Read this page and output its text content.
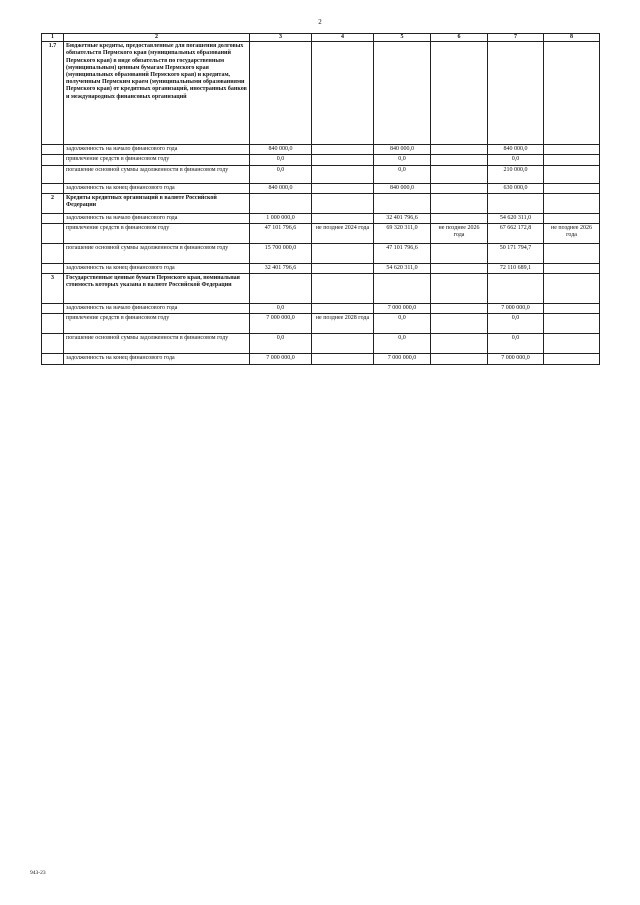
2
1	2	3	4	5	6	7	8
1.7	Бюджетные кредиты, предоставленные для погашения долговых обязательств Пермского края (муниципальных образований Пермского края) в виде обязательств по государственным (муниципальным) ценным бумагам Пермского края (муниципальных образований Пермского края) и кредитам, полученным Пермским краем (муниципальными образованиями Пермского края) от кредитных организаций, иностранных банков и международных финансовых организаций						
	задолженность на начало финансового года	840 000,0		840 000,0		840 000,0	
	привлечение средств в финансовом году	0,0		0,0		0,0	
	погашение основной суммы задолженности в финансовом году	0,0		0,0		210 000,0	
	задолженность на конец финансового года	840 000,0		840 000,0		630 000,0	
2	Кредиты кредитных организаций в валюте Российской Федерации						
	задолженность на начало финансового года	1 000 000,0		32 401 796,6		54 620 311,0	
	привлечение средств в финансовом году	47 101 796,6	не позднее 2024 года	69 320 311,0	не позднее 2026 года	67 662 172,8	не позднее 2026 года
	погашение основной суммы задолженности в финансовом году	15 700 000,0		47 101 796,6		50 171 794,7	
	задолженность на конец финансового года	32 401 796,6		54 620 311,0		72 110 689,1	
3	Государственные ценные бумаги Пермского края, номинальная стоимость которых указана в валюте Российской Федерации						
	задолженность на начало финансового года	0,0		7 000 000,0		7 000 000,0	
	привлечение средств в финансовом году	7 000 000,0	не позднее 2028 года	0,0		0,0	
	погашение основной суммы задолженности в финансовом году	0,0		0,0		0,0	
	задолженность на конец финансового года	7 000 000,0		7 000 000,0		7 000 000,0	
943-23
